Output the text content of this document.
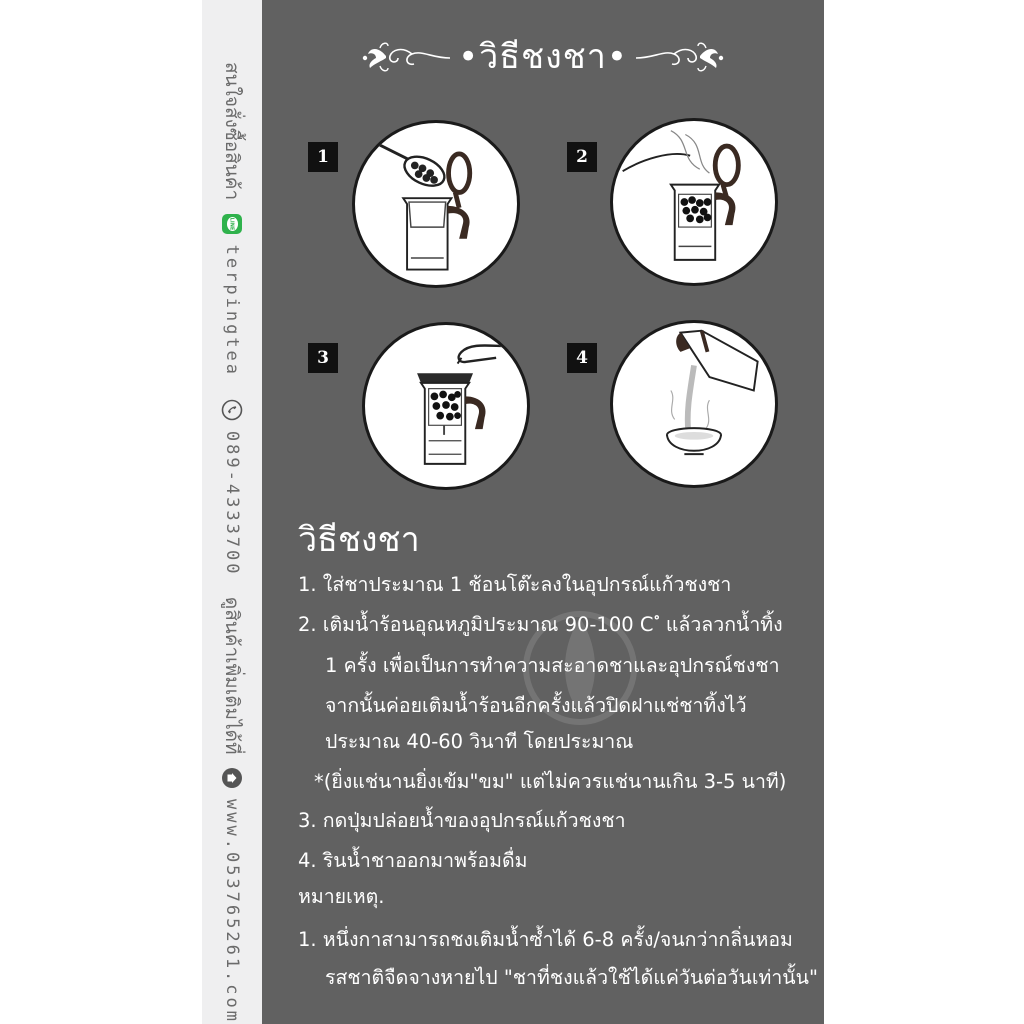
สนใจสั่งซื้อสินค้า
LINE
terpingtea
089-4333700
ดูสินค้าเพิ่มเติมได้ที่
www.053765261.com
•วิธีชงชา•
1	2
3	4
วิธีชงชา
1. ใส่ชาประมาณ 1 ช้อนโต๊ะลงในอุปกรณ์แก้วชงชา
2. เติมน้ำร้อนอุณหภูมิประมาณ 90-100 C ํ แล้วลวกน้ำทิ้ง
1 ครั้ง เพื่อเป็นการทำความสะอาดชาและอุปกรณ์ชงชา
จากนั้นค่อยเติมน้ำร้อนอีกครั้งแล้วปิดฝาแช่ชาทิ้งไว้
ประมาณ 40-60 วินาที โดยประมาณ
*(ยิ่งแช่นานยิ่งเข้ม"ขม" แต่ไม่ควรแช่นานเกิน 3-5 นาที)
3. กดปุ่มปล่อยน้ำของอุปกรณ์แก้วชงชา
4. รินน้ำชาออกมาพร้อมดื่ม
หมายเหตุ.
1. หนึ่งกาสามารถชงเติมน้ำซ้ำได้ 6-8 ครั้ง/จนกว่ากลิ่นหอม
รสชาติจืดจางหายไป "ชาที่ชงแล้วใช้ได้แค่วันต่อวันเท่านั้น"
